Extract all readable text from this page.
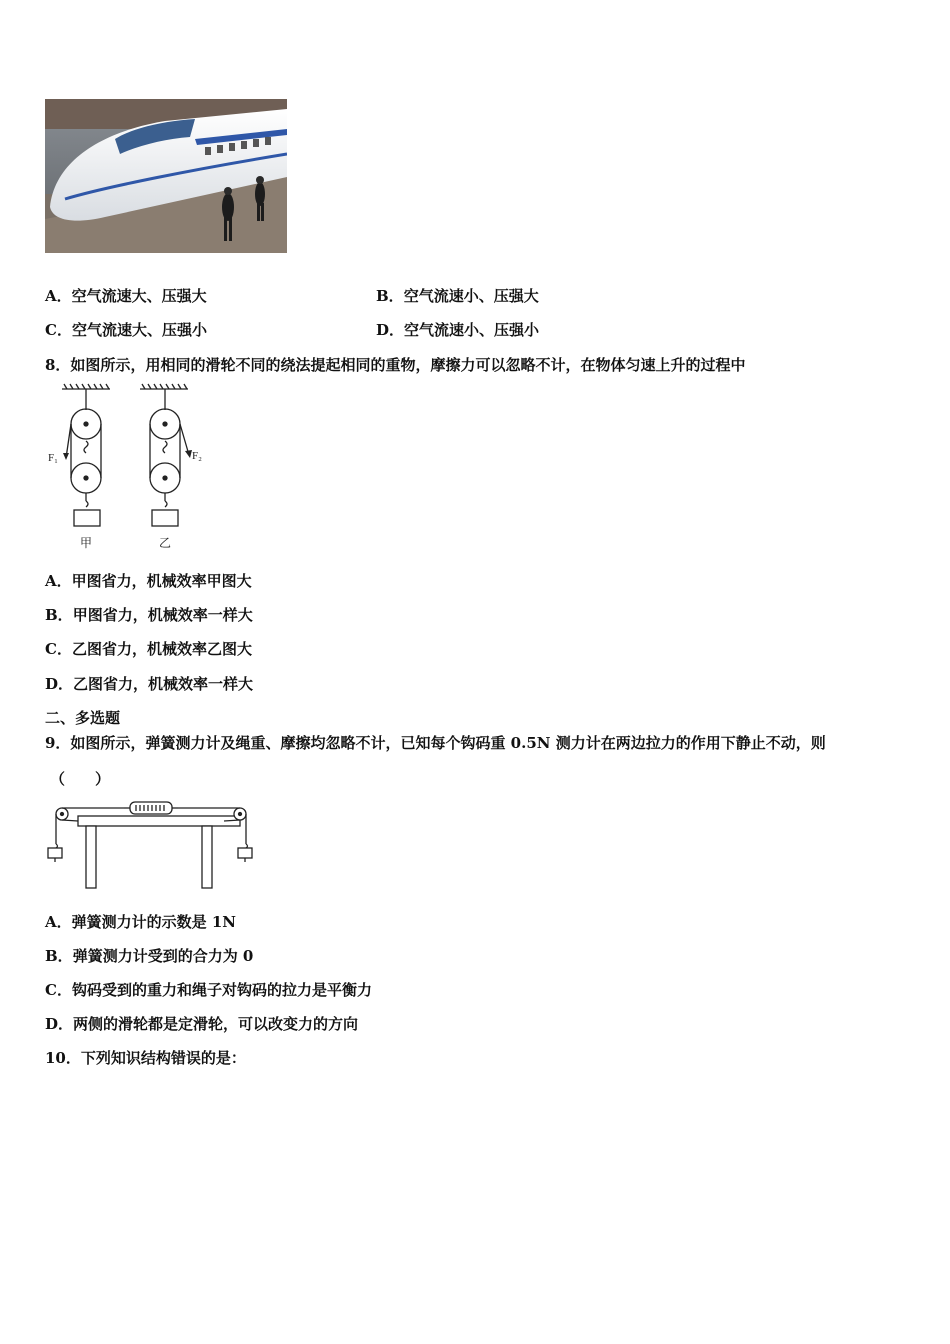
A．空气流速大、压强大	B．空气流速小、压强大
C．空气流速大、压强小	D．空气流速小、压强小
8．如图所示，用相同的滑轮不同的绕法提起相同的重物，摩擦力可以忽略不计，在物体匀速上升的过程中
F₁
甲
F₂
乙
A．甲图省力，机械效率甲图大
B．甲图省力，机械效率一样大
C．乙图省力，机械效率乙图大
D．乙图省力，机械效率一样大
二、多选题
9．如图所示，弹簧测力计及绳重、摩擦均忽略不计，已知每个钩码重 0.5N 测力计在两边拉力的作用下静止不动，则
（　　）
A．弹簧测力计的示数是 1N
B．弹簧测力计受到的合力为 0
C．钩码受到的重力和绳子对钩码的拉力是平衡力
D．两侧的滑轮都是定滑轮，可以改变力的方向
10．下列知识结构错误的是：
